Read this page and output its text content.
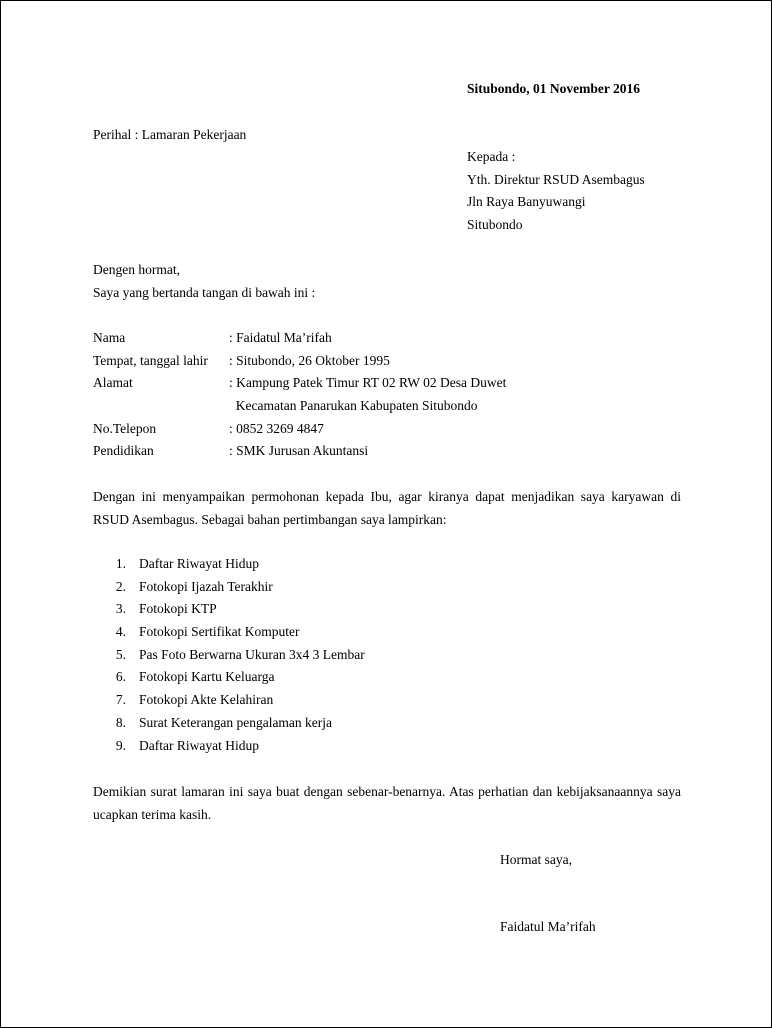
Situbondo, 01 November 2016
Perihal : Lamaran Pekerjaan
Kepada :
Yth. Direktur RSUD Asembagus
Jln Raya Banyuwangi
Situbondo
Dengen hormat,
Saya yang bertanda tangan di bawah ini :
Nama	: Faidatul Ma’rifah
Tempat, tanggal lahir : Situbondo, 26 Oktober 1995
Alamat	: Kampung Patek Timur RT 02 RW 02 Desa Duwet
Kecamatan Panarukan Kabupaten Situbondo
No.Telepon	: 0852 3269 4847
Pendidikan	: SMK Jurusan Akuntansi
Dengan ini menyampaikan permohonan kepada Ibu, agar kiranya dapat menjadikan saya karyawan di RSUD Asembagus. Sebagai bahan pertimbangan saya lampirkan:
1. Daftar Riwayat Hidup
2. Fotokopi Ijazah Terakhir
3. Fotokopi KTP
4. Fotokopi Sertifikat Komputer
5. Pas Foto Berwarna Ukuran 3x4 3 Lembar
6. Fotokopi Kartu Keluarga
7. Fotokopi Akte Kelahiran
8. Surat Keterangan pengalaman kerja
9. Daftar Riwayat Hidup
Demikian surat lamaran ini saya buat dengan sebenar-benarnya. Atas perhatian dan kebijaksanaannya saya ucapkan terima kasih.
Hormat saya,
Faidatul Ma’rifah
